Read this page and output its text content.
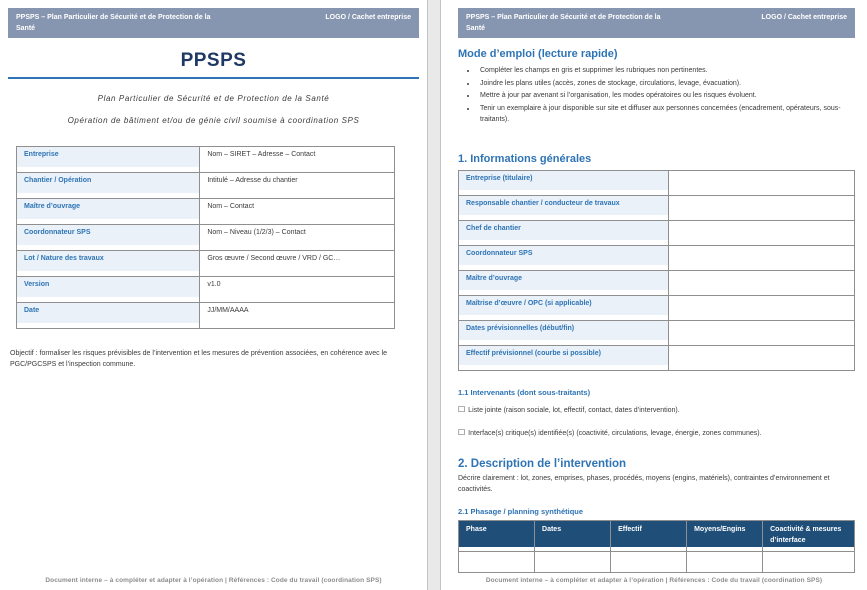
PPSPS – Plan Particulier de Sécurité et de Protection de la Santé
LOGO / Cachet entreprise
PPSPS
Plan Particulier de Sécurité et de Protection de la Santé
Opération de bâtiment et/ou de génie civil soumise à coordination SPS
Entreprise	Nom – SIRET – Adresse – Contact
Chantier / Opération	Intitulé – Adresse du chantier
Maître d’ouvrage	Nom – Contact
Coordonnateur SPS	Nom – Niveau (1/2/3) – Contact
Lot / Nature des travaux	Gros œuvre / Second œuvre / VRD / GC…
Version	v1.0
Date	JJ/MM/AAAA

Objectif : formaliser les risques prévisibles de l’intervention et les mesures de prévention associées, en cohérence avec le PGC/PGCSPS et l’inspection commune.

Document interne – à compléter et adapter à l’opération | Références : Code du travail (coordination SPS)
PPSPS – Plan Particulier de Sécurité et de Protection de la Santé
LOGO / Cachet entreprise
Mode d’emploi (lecture rapide)
• Compléter les champs en gris et supprimer les rubriques non pertinentes.
• Joindre les plans utiles (accès, zones de stockage, circulations, levage, évacuation).
• Mettre à jour par avenant si l’organisation, les modes opératoires ou les risques évoluent.
• Tenir un exemplaire à jour disponible sur site et diffuser aux personnes concernées (encadrement, opérateurs, sous-traitants).
1. Informations générales
Entreprise (titulaire)	
Responsable chantier / conducteur de travaux	
Chef de chantier	
Coordonnateur SPS	
Maître d’ouvrage	
Maîtrise d’œuvre / OPC (si applicable)	
Dates prévisionnelles (début/fin)	
Effectif prévisionnel (courbe si possible)	
1.1 Intervenants (dont sous-traitants)
☐ Liste jointe (raison sociale, lot, effectif, contact, dates d’intervention).
☐ Interface(s) critique(s) identifiée(s) (coactivité, circulations, levage, énergie, zones communes).
2. Description de l’intervention

Décrire clairement : lot, zones, emprises, phases, procédés, moyens (engins, matériels), contraintes d’environnement et coactivités.

2.1 Phasage / planning synthétique
Phase	Dates	Effectif	Moyens/Engins	Coactivité & mesures d’interface

Document interne – à compléter et adapter à l’opération | Références : Code du travail (coordination SPS)
